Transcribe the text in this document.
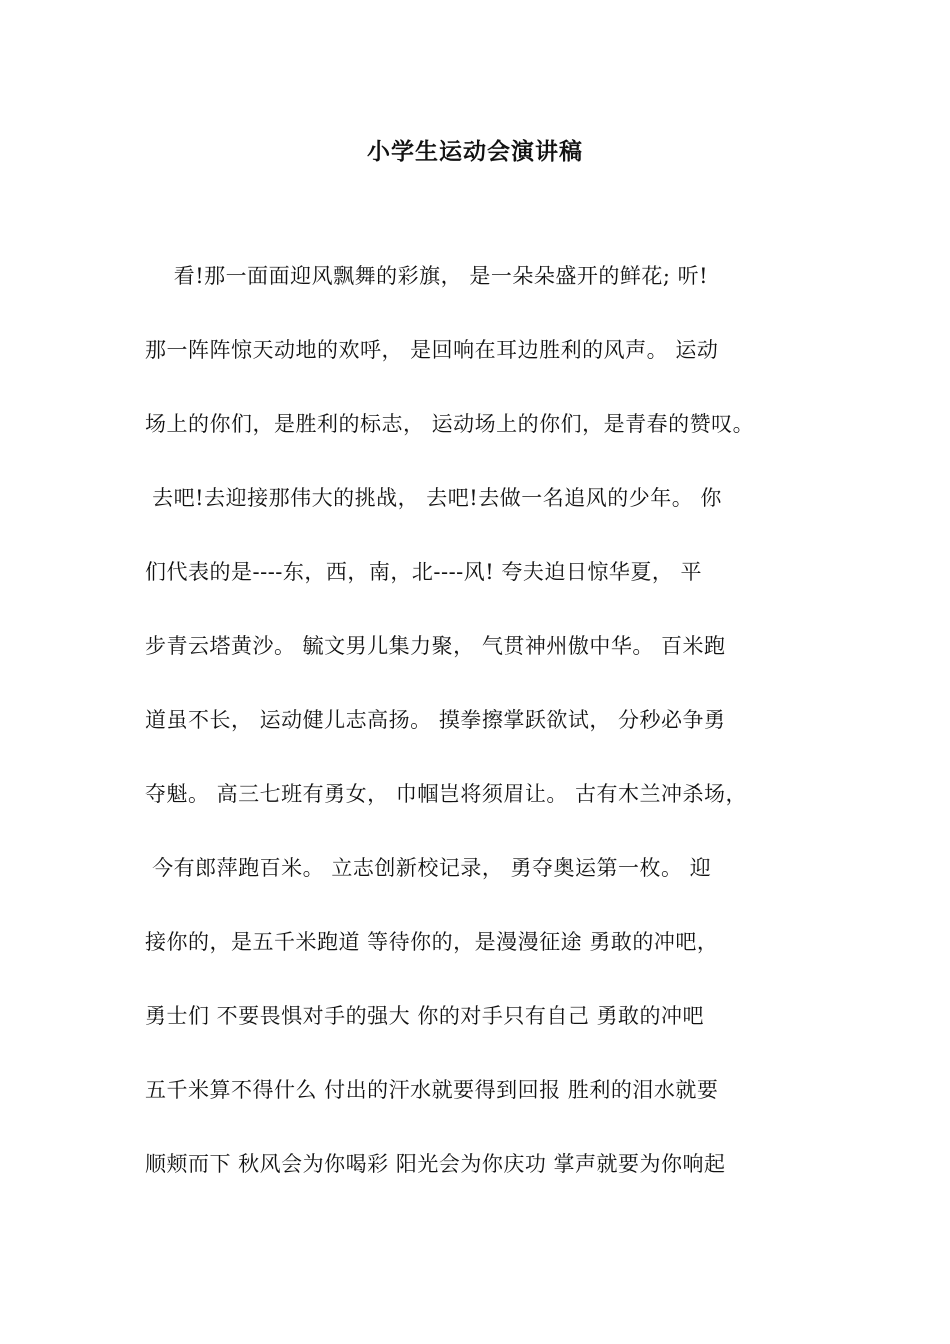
小学生运动会演讲稿
看!那一面面迎风飘舞的彩旗， 是一朵朵盛开的鲜花; 听!
那一阵阵惊天动地的欢呼， 是回响在耳边胜利的风声。 运动
场上的你们，是胜利的标志， 运动场上的你们，是青春的赞叹。
去吧!去迎接那伟大的挑战， 去吧!去做一名追风的少年。 你
们代表的是----东，西，南，北----风! 夸夫迫日惊华夏， 平
步青云塔黄沙。 毓文男儿集力聚， 气贯神州傲中华。 百米跑
道虽不长， 运动健儿志高扬。 摸拳擦掌跃欲试， 分秒必争勇
夺魁。 高三七班有勇女， 巾帼岂将须眉让。 古有木兰冲杀场，
今有郎萍跑百米。 立志创新校记录， 勇夺奥运第一枚。 迎
接你的，是五千米跑道 等待你的，是漫漫征途 勇敢的冲吧，
勇士们 不要畏惧对手的强大 你的对手只有自己 勇敢的冲吧
五千米算不得什么 付出的汗水就要得到回报 胜利的泪水就要
顺颊而下 秋风会为你喝彩 阳光会为你庆功 掌声就要为你响起
